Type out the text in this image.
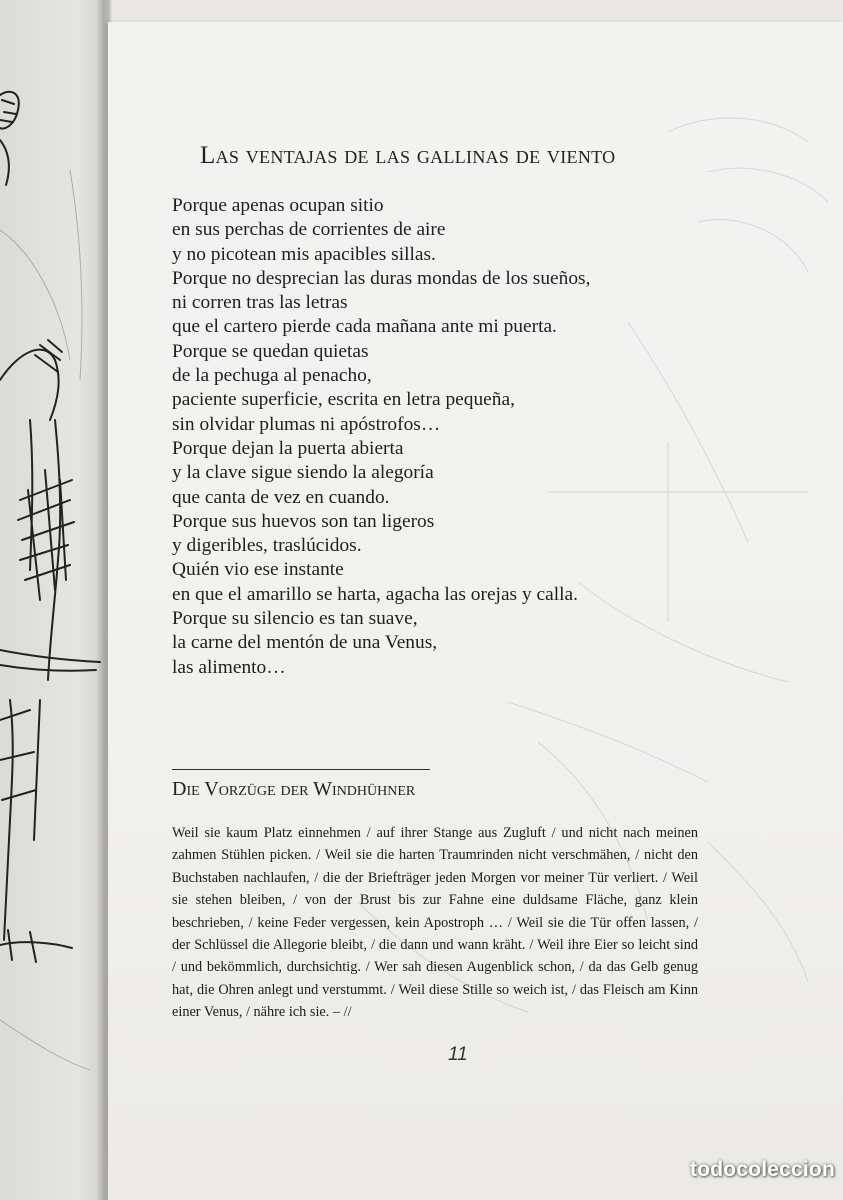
Las ventajas de las gallinas de viento
Porque apenas ocupan sitio
en sus perchas de corrientes de aire
y no picotean mis apacibles sillas.
Porque no desprecian las duras mondas de los sueños,
ni corren tras las letras
que el cartero pierde cada mañana ante mi puerta.
Porque se quedan quietas
de la pechuga al penacho,
paciente superficie, escrita en letra pequeña,
sin olvidar plumas ni apóstrofos…
Porque dejan la puerta abierta
y la clave sigue siendo la alegoría
que canta de vez en cuando.
Porque sus huevos son tan ligeros
y digeribles, traslúcidos.
Quién vio ese instante
en que el amarillo se harta, agacha las orejas y calla.
Porque su silencio es tan suave,
la carne del mentón de una Venus,
las alimento…
Die Vorzüge der Windhühner
Weil sie kaum Platz einnehmen / auf ihrer Stange aus Zugluft / und nicht nach meinen zahmen Stühlen picken. / Weil sie die harten Traumrinden nicht verschmähen, / nicht den Buchstaben nachlaufen, / die der Briefträger jeden Morgen vor meiner Tür verliert. / Weil sie stehen bleiben, / von der Brust bis zur Fahne eine duldsame Fläche, ganz klein beschrieben, / keine Feder vergessen, kein Apostroph … / Weil sie die Tür offen lassen, / der Schlüssel die Allegorie bleibt, / die dann und wann kräht. / Weil ihre Eier so leicht sind / und bekömmlich, durchsichtig. / Wer sah diesen Augenblick schon, / da das Gelb genug hat, die Ohren anlegt und verstummt. / Weil diese Stille so weich ist, / das Fleisch am Kinn einer Venus, / nähre ich sie. – //
11
todocoleccion
